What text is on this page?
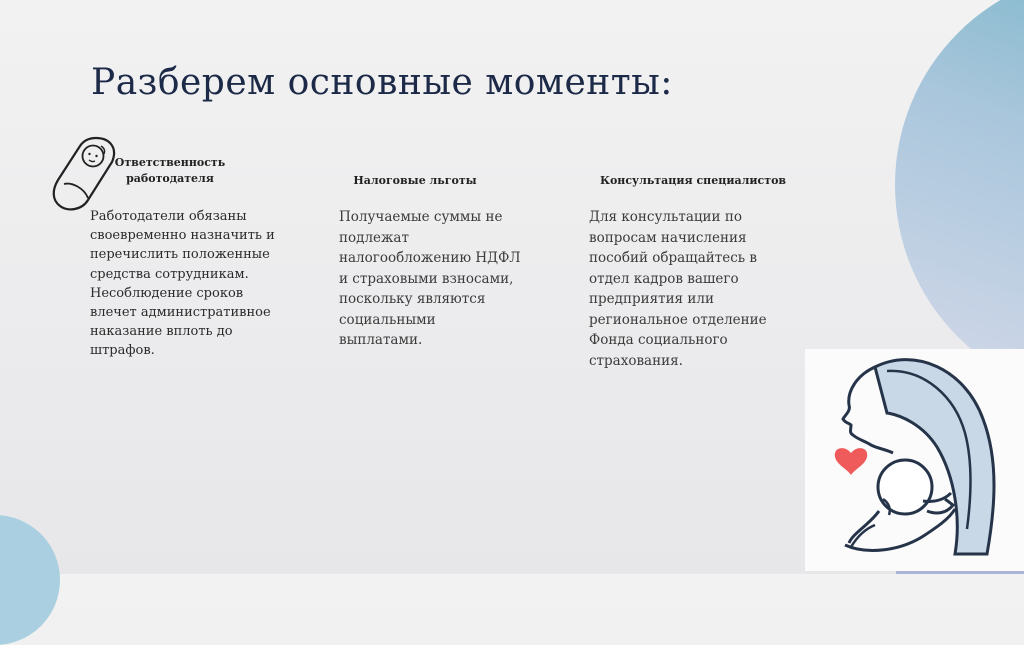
Разберем основные моменты:
Ответственность
работодателя	Налоговые льготы	Консультация специалистов

Работодатели обязаны
своевременно назначить и
перечислить положенные
средства сотрудникам.
Несоблюдение сроков
влечет административное
наказание вплоть до
штрафов.

Получаемые суммы не
подлежат
налогообложению НДФЛ
и страховыми взносами,
поскольку являются
социальными
выплатами.

Для консультации по
вопросам начисления
пособий обращайтесь в
отдел кадров вашего
предприятия или
региональное отделение
Фонда социального
страхования.
